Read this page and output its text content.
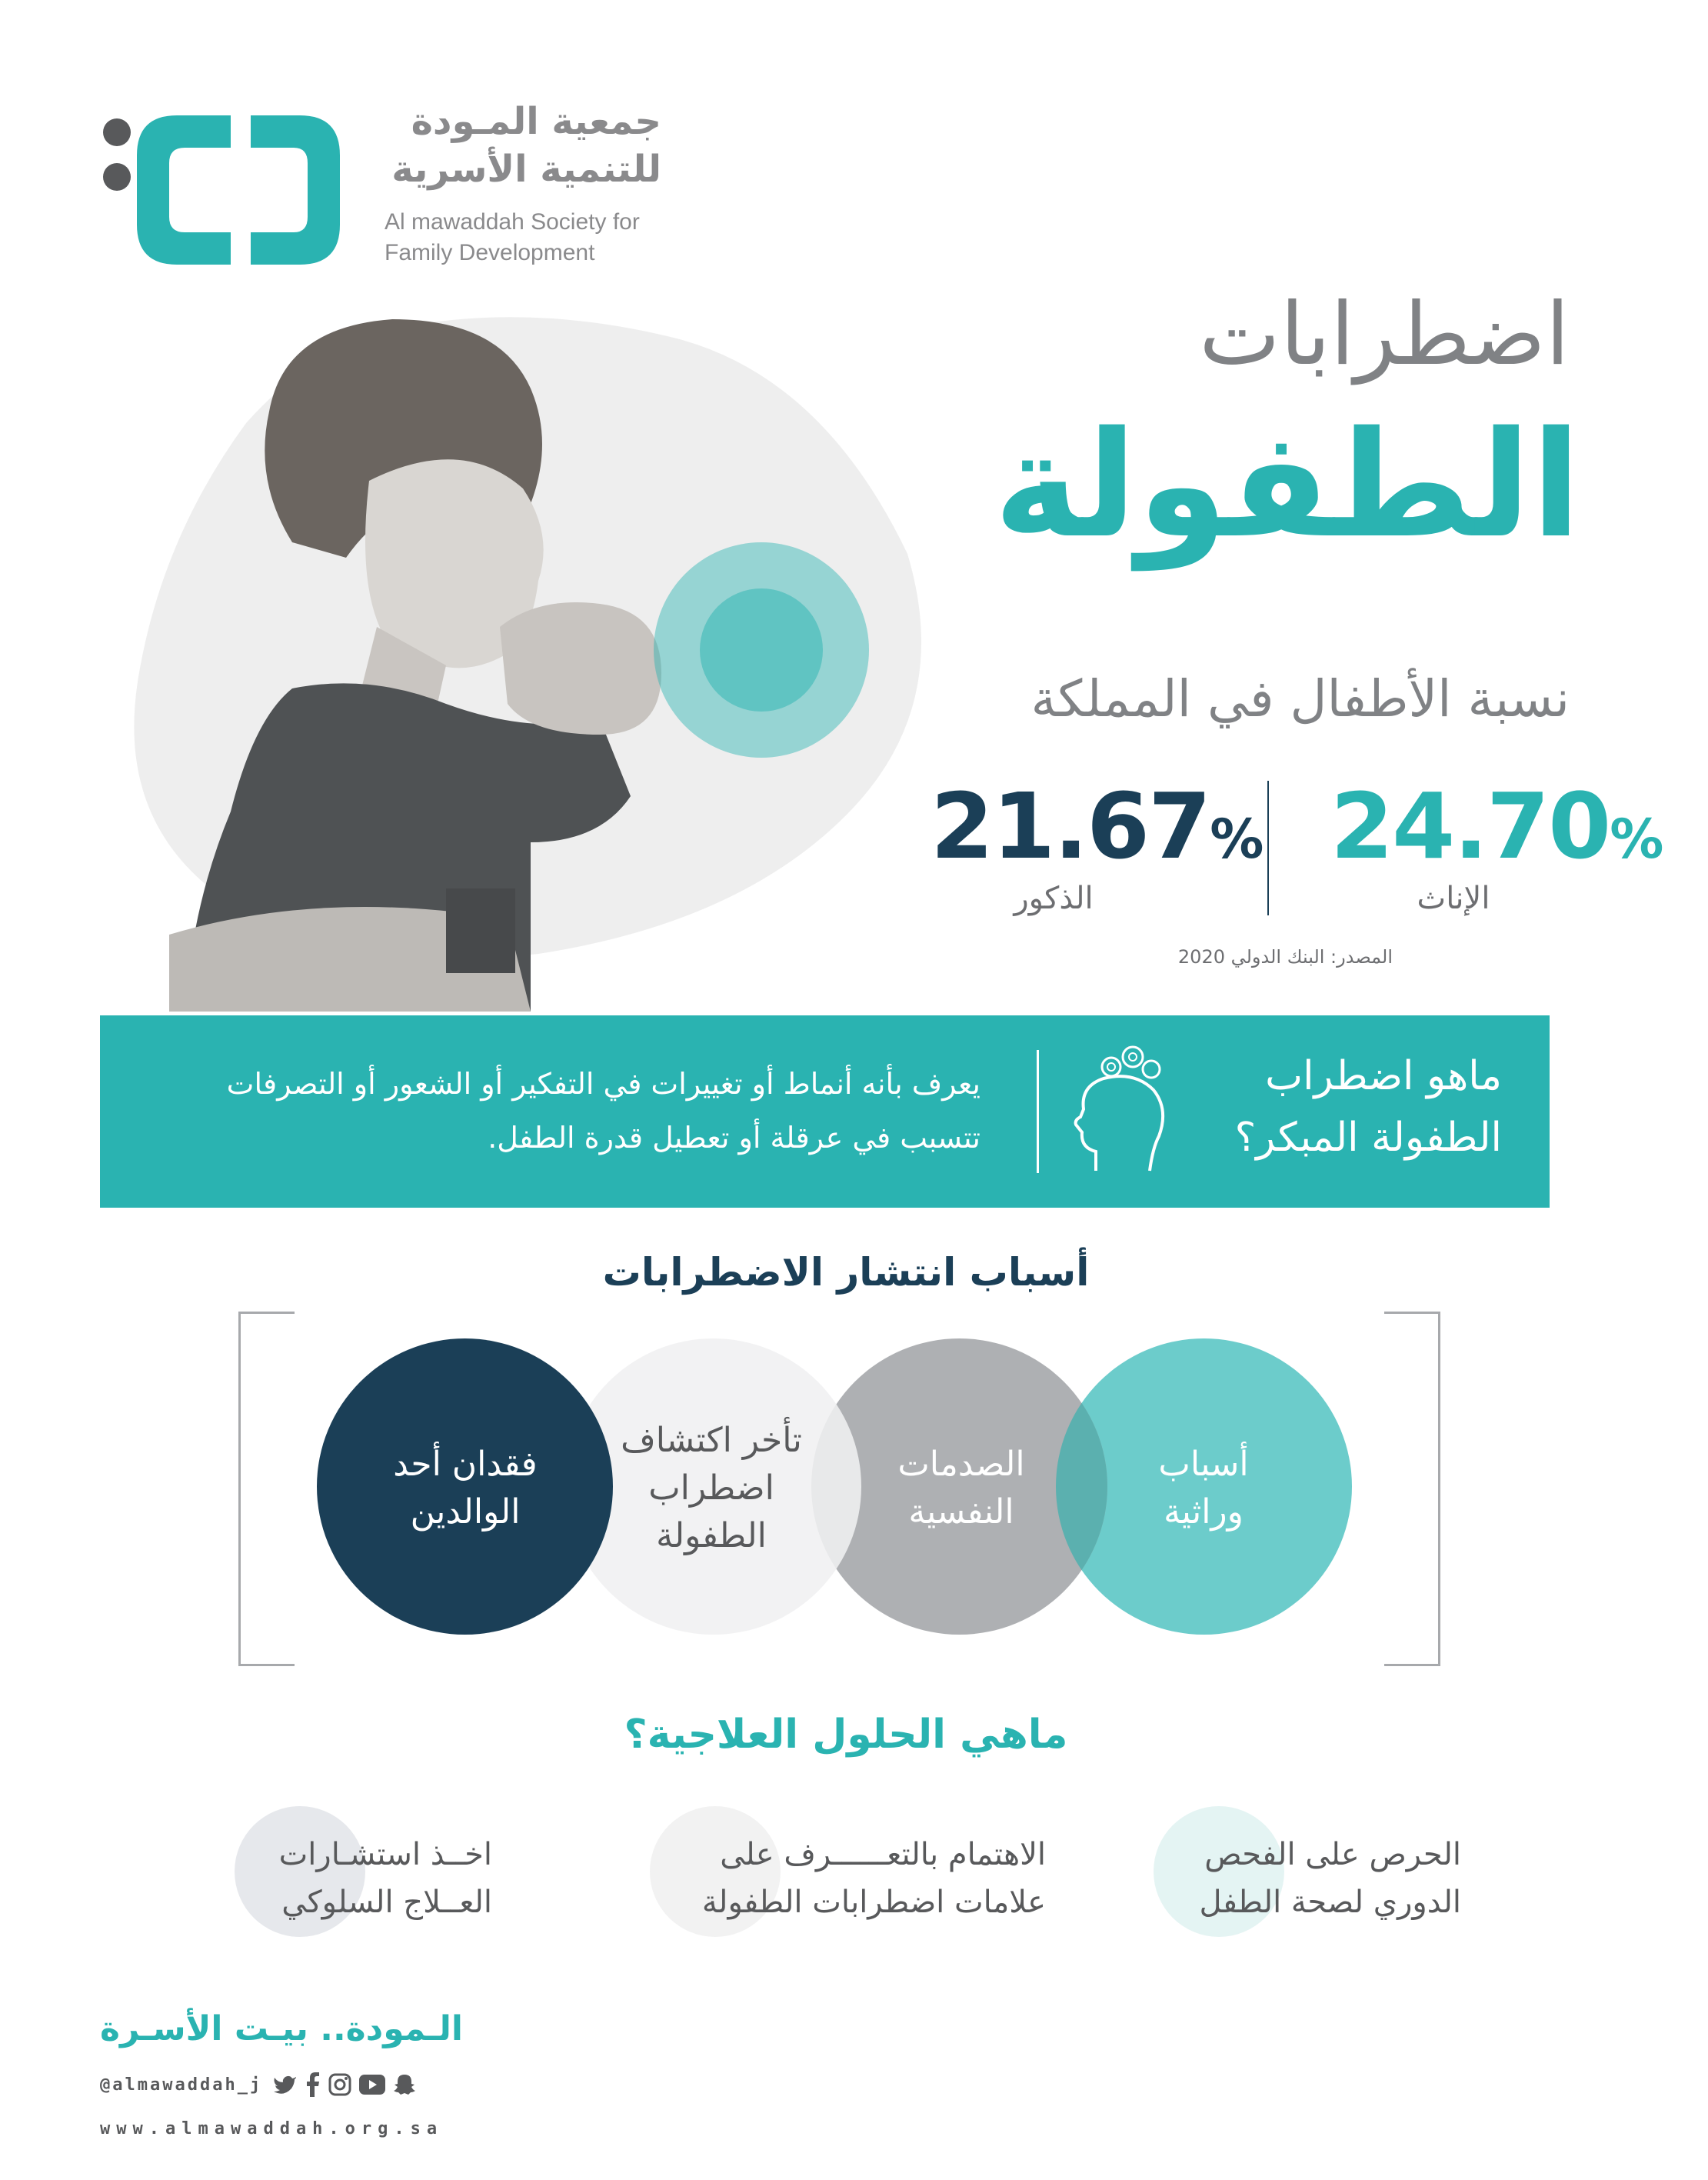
جمعية المـودة
للتنمية الأسرية
Al mawaddah Society for
Family Development
اضطرابات
الطفولة
نسبة الأطفال في المملكة
24.70%
الإناث
21.67%
الذكور
المصدر: البنك الدولي 2020
ماهو اضطراب
الطفولة المبكر؟
يعرف بأنه أنماط أو تغييرات في التفكير أو الشعور أو التصرفات
تتسبب في عرقلة أو تعطيل قدرة الطفل.
أسباب انتشار الاضطرابات
أسباب
وراثية
الصدمات
النفسية
تأخر اكتشاف
اضطراب
الطفولة
فقدان أحد
الوالدين
ماهي الحلول العلاجية؟
الحرص على الفحص
الدوري لصحة الطفل
الاهتمام بالتعــــــرف على
علامات اضطرابات الطفولة
اخــذ استشـارات
العــلاج السلوكي
الـمودة.. بيـت الأسـرة
@almawaddah_j
www.almawaddah.org.sa
